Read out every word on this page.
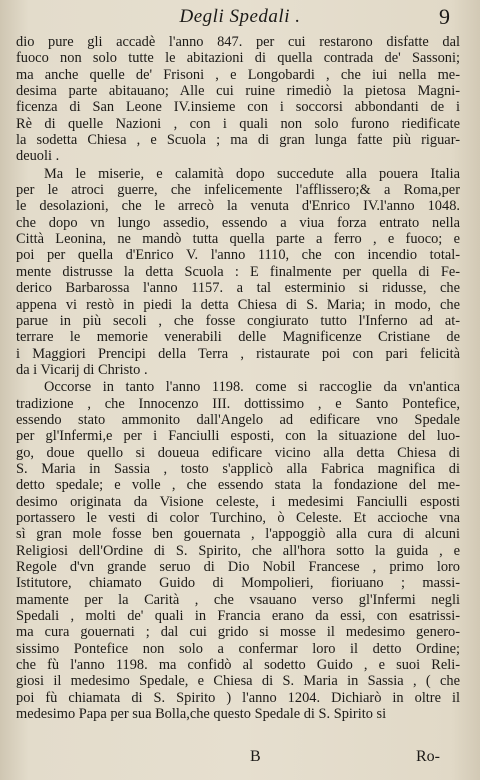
Degli Spedali .	9
dio pure gli accadè l'anno 847. per cui restarono disfatte dal
fuoco non solo tutte le abitazioni di quella contrada de' Sassoni;
ma anche quelle de' Frisoni , e Longobardi , che iui nella me-
desima parte abitauano; Alle cui ruine rimediò la pietosa Magni-
ficenza di San Leone IV.insieme con i soccorsi abbondanti de i
Rè di quelle Nazioni , con i quali non solo furono riedificate
la sodetta Chiesa , e Scuola ; ma di gran lunga fatte più riguar-
deuoli .
Ma le miserie, e calamità dopo succedute alla pouera Italia
per le atroci guerre, che infelicemente l'afflissero;& a Roma,per
le desolazioni, che le arrecò la venuta d'Enrico IV.l'anno 1048.
che dopo vn lungo assedio, essendo a viua forza entrato nella
Città Leonina, ne mandò tutta quella parte a ferro , e fuoco; e
poi per quella d'Enrico V. l'anno 1110, che con incendio total-
mente distrusse la detta Scuola : E finalmente per quella di Fe-
derico Barbarossa l'anno 1157. a tal esterminio si ridusse, che
appena vi restò in piedi la detta Chiesa di S. Maria; in modo, che
parue in più secoli , che fosse congiurato tutto l'Inferno ad at-
terrare le memorie venerabili delle Magnificenze Cristiane de
i Maggiori Prencipi della Terra , ristaurate poi con pari felicità
da i Vicarij di Christo .
Occorse in tanto l'anno 1198. come si raccoglie da vn'antica
tradizione , che Innocenzo III. dottissimo , e Santo Pontefice,
essendo stato ammonito dall'Angelo ad edificare vno Spedale
per gl'Infermi,e per i Fanciulli esposti, con la situazione del luo-
go, doue quello si doueua edificare vicino alla detta Chiesa di
S. Maria in Sassia , tosto s'applicò alla Fabrica magnifica di
detto spedale; e volle , che essendo stata la fondazione del me-
desimo originata da Visione celeste, i medesimi Fanciulli esposti
portassero le vesti di color Turchino, ò Celeste. Et accioche vna
sì gran mole fosse ben gouernata , l'appoggiò alla cura di alcuni
Religiosi dell'Ordine di S. Spirito, che all'hora sotto la guida , e
Regole d'vn grande seruo di Dio Nobil Francese , primo loro
Istitutore, chiamato Guido di Mompolieri, fioriuano ; massi-
mamente per la Carità , che vsauano verso gl'Infermi negli
Spedali , molti de' quali in Francia erano da essi, con esatrissi-
ma cura gouernati ; dal cui grido si mosse il medesimo genero-
sissimo Pontefice non solo a confermar loro il detto Ordine;
che fù l'anno 1198. ma confidò al sodetto Guido , e suoi Reli-
giosi il medesimo Spedale, e Chiesa di S. Maria in Sassia , ( che
poi fù chiamata di S. Spirito ) l'anno 1204. Dichiarò in oltre il
medesimo Papa per sua Bolla,che questo Spedale di S. Spirito si
B	Ro-
